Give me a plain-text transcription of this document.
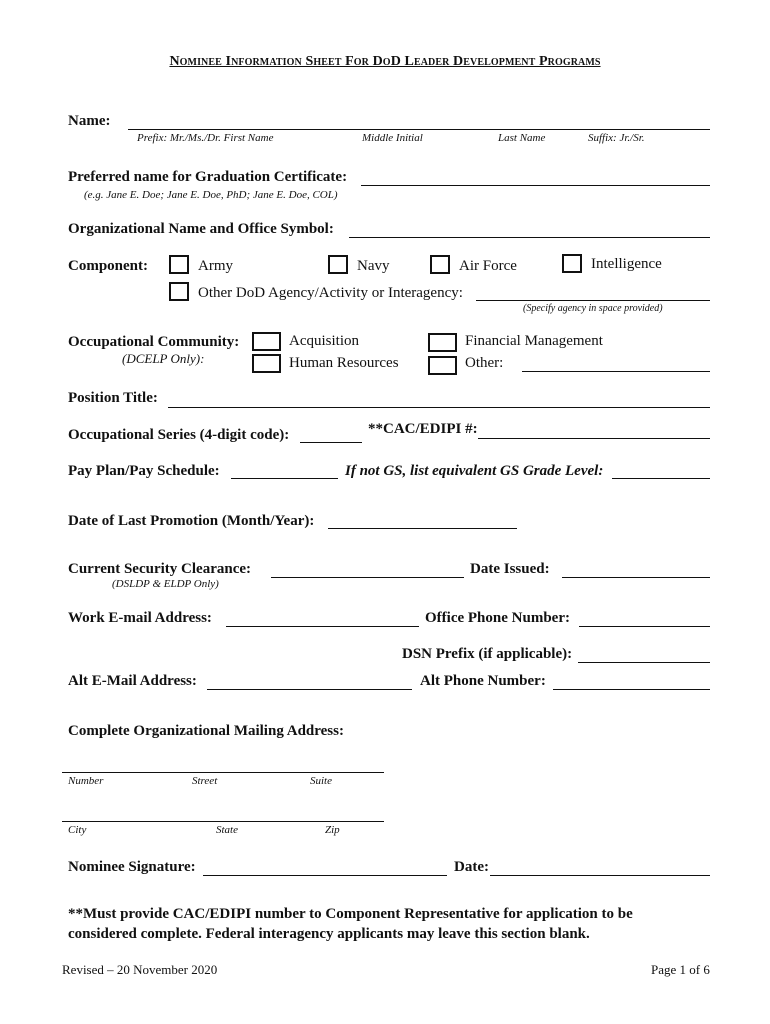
Nominee Information Sheet For DoD Leader Development Programs
Name:
Prefix: Mr./Ms./Dr. First Name	Middle Initial	Last Name	Suffix: Jr./Sr.
Preferred name for Graduation Certificate:
(e.g. Jane E. Doe; Jane E. Doe, PhD; Jane E. Doe, COL)
Organizational Name and Office Symbol:
Component:	Army	Navy	Air Force	Intelligence
Other DoD Agency/Activity or Interagency:
(Specify agency in space provided)
Occupational Community:
(DCELP Only):
Acquisition
Human Resources
Financial Management
Other:
Position Title:
Occupational Series (4-digit code):	**CAC/EDIPI #:
Pay Plan/Pay Schedule:	If not GS, list equivalent GS Grade Level:
Date of Last Promotion (Month/Year):
Current Security Clearance:
(DSLDP & ELDP Only)
Date Issued:
Work E-mail Address:	Office Phone Number:
DSN Prefix (if applicable):
Alt E-Mail Address:	Alt Phone Number:
Complete Organizational Mailing Address:
Number	Street	Suite
City	State	Zip
Nominee Signature:	Date:
**Must provide CAC/EDIPI number to Component Representative for application to be considered complete. Federal interagency applicants may leave this section blank.
Revised – 20 November 2020	Page 1 of 6
